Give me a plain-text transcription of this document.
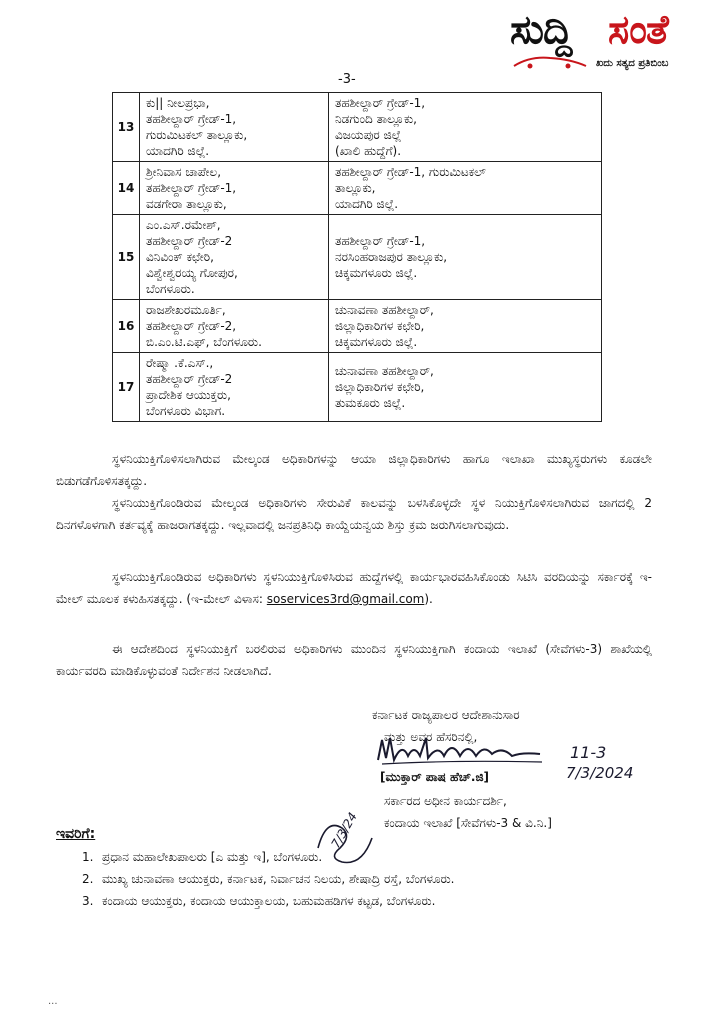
ಸುದ್ದಿ ಸಂತೆ
ಖದು ಸತ್ಯದ ಪ್ರತಿಬಿಂಬ
-3-
13	ಕು|| ನೀಲಪ್ರಭಾ,
ತಹಶೀಲ್ದಾರ್ ಗ್ರೇಡ್-1,
ಗುರುಮಿಟಕಲ್ ತಾಲ್ಲೂಕು,
ಯಾದಗಿರಿ ಜಿಲ್ಲೆ.	ತಹಶೀಲ್ದಾರ್ ಗ್ರೇಡ್-1,
ನಿಡಗುಂದಿ ತಾಲ್ಲೂಕು,
ವಿಜಯಪುರ ಜಿಲ್ಲೆ
(ಖಾಲಿ ಹುದ್ದೆಗೆ).

14	ಶ್ರೀನಿವಾಸ ಚಾಪೇಲ,
ತಹಶೀಲ್ದಾರ್ ಗ್ರೇಡ್-1,
ವಡಗೇರಾ ತಾಲ್ಲೂಕು,	ತಹಶೀಲ್ದಾರ್ ಗ್ರೇಡ್-1, ಗುರುಮಿಟಕಲ್
ತಾಲ್ಲೂಕು,
ಯಾದಗಿರಿ ಜಿಲ್ಲೆ.

15	ಎಂ.ಎಸ್.ರಮೇಶ್,
ತಹಶೀಲ್ದಾರ್ ಗ್ರೇಡ್-2
ವಿನಿವಿಂಕ್ ಕಛೇರಿ,
ವಿಶ್ವೇಶ್ವರಯ್ಯ ಗೋಪುರ,
ಬೆಂಗಳೂರು.	ತಹಶೀಲ್ದಾರ್ ಗ್ರೇಡ್-1,
ನರಸಿಂಹರಾಜಪುರ ತಾಲ್ಲೂಕು,
ಚಿಕ್ಕಮಗಳೂರು ಜಿಲ್ಲೆ.

16	ರಾಜಶೇಖರಮೂರ್ತಿ,
ತಹಶೀಲ್ದಾರ್ ಗ್ರೇಡ್-2,
ಬಿ.ಎಂ.ಟಿ.ಎಫ್, ಬೆಂಗಳೂರು.	ಚುನಾವಣಾ ತಹಶೀಲ್ದಾರ್,
ಜಿಲ್ಲಾಧಿಕಾರಿಗಳ ಕಛೇರಿ,
ಚಿಕ್ಕಮಗಳೂರು ಜಿಲ್ಲೆ.

17	ರೇಷ್ಮಾ .ಕೆ.ಎಸ್.,
ತಹಶೀಲ್ದಾರ್ ಗ್ರೇಡ್-2
ಪ್ರಾದೇಶಿಕ ಆಯುಕ್ತರು,
ಬೆಂಗಳೂರು ವಿಭಾಗ.	ಚುನಾವಣಾ ತಹಶೀಲ್ದಾರ್,
ಜಿಲ್ಲಾಧಿಕಾರಿಗಳ ಕಛೇರಿ,
ತುಮಕೂರು ಜಿಲ್ಲೆ.
ಸ್ಥಳನಿಯುಕ್ತಿಗೊಳಿಸಲಾಗಿರುವ ಮೇಲ್ಕಂಡ ಅಧಿಕಾರಿಗಳನ್ನು ಆಯಾ ಜಿಲ್ಲಾಧಿಕಾರಿಗಳು ಹಾಗೂ ಇಲಾಖಾ ಮುಖ್ಯಸ್ಥರುಗಳು ಕೂಡಲೇ ಬಿಡುಗಡೆಗೊಳಿಸತಕ್ಕದ್ದು.
ಸ್ಥಳನಿಯುಕ್ತಿಗೊಂಡಿರುವ ಮೇಲ್ಕಂಡ ಅಧಿಕಾರಿಗಳು ಸೇರುವಿಕೆ ಕಾಲವನ್ನು ಬಳಸಿಕೊಳ್ಳದೇ ಸ್ಥಳ ನಿಯುಕ್ತಿಗೊಳಿಸಲಾಗಿರುವ ಜಾಗದಲ್ಲಿ 2 ದಿನಗಳೊಳಗಾಗಿ ಕರ್ತವ್ಯಕ್ಕೆ ಹಾಜರಾಗತಕ್ಕದ್ದು. ಇಲ್ಲವಾದಲ್ಲಿ ಜನಪ್ರತಿನಿಧಿ ಕಾಯ್ದೆಯನ್ವಯ ಶಿಸ್ತು ಕ್ರಮ ಜರುಗಿಸಲಾಗುವುದು.
ಸ್ಥಳನಿಯುಕ್ತಿಗೊಂಡಿರುವ ಅಧಿಕಾರಿಗಳು ಸ್ಥಳನಿಯುಕ್ತಿಗೊಳಿಸಿರುವ ಹುದ್ದೆಗಳಲ್ಲಿ ಕಾರ್ಯಭಾರವಹಿಸಿಕೊಂಡು ಸಿಟಿಸಿ ವರದಿಯನ್ನು ಸರ್ಕಾರಕ್ಕೆ ಇ-ಮೇಲ್ ಮೂಲಕ ಕಳುಹಿಸತಕ್ಕದ್ದು. (ಇ-ಮೇಲ್ ವಿಳಾಸ: soservices3rd@gmail.com).
ಈ ಆದೇಶದಿಂದ ಸ್ಥಳನಿಯುಕ್ತಿಗೆ ಬರಲಿರುವ ಅಧಿಕಾರಿಗಳು ಮುಂದಿನ ಸ್ಥಳನಿಯುಕ್ತಿಗಾಗಿ ಕಂದಾಯ ಇಲಾಖೆ (ಸೇವೆಗಳು-3) ಶಾಖೆಯಲ್ಲಿ ಕಾರ್ಯವರದಿ ಮಾಡಿಕೊಳ್ಳುವಂತೆ ನಿರ್ದೇಶನ ನೀಡಲಾಗಿದೆ.
ಕರ್ನಾಟಕ ರಾಜ್ಯಪಾಲರ ಆದೇಶಾನುಸಾರ
ಮತ್ತು ಅವರ ಹೆಸರಿನಲ್ಲಿ,
[ಮುಕ್ತಾರ್ ಪಾಷ ಹೆಚ್.ಜಿ]
ಸರ್ಕಾರದ ಅಧೀನ ಕಾರ್ಯದರ್ಶಿ,
ಕಂದಾಯ ಇಲಾಖೆ [ಸೇವೆಗಳು-3 & ವಿ.ನಿ.]
11-3
7/3/2024
7/3/24
ಇವರಿಗೆ:
1. ಪ್ರಧಾನ ಮಹಾಲೇಖಪಾಲರು [ಎ ಮತ್ತು ಇ], ಬೆಂಗಳೂರು.
2. ಮುಖ್ಯ ಚುನಾವಣಾ ಆಯುಕ್ತರು, ಕರ್ನಾಟಕ, ನಿರ್ವಾಚನ ನಿಲಯ, ಶೇಷಾದ್ರಿ ರಸ್ತೆ, ಬೆಂಗಳೂರು.
3. ಕಂದಾಯ ಆಯುಕ್ತರು, ಕಂದಾಯ ಆಯುಕ್ತಾಲಯ, ಬಹುಮಹಡಿಗಳ ಕಟ್ಟಡ, ಬೆಂಗಳೂರು.
...
